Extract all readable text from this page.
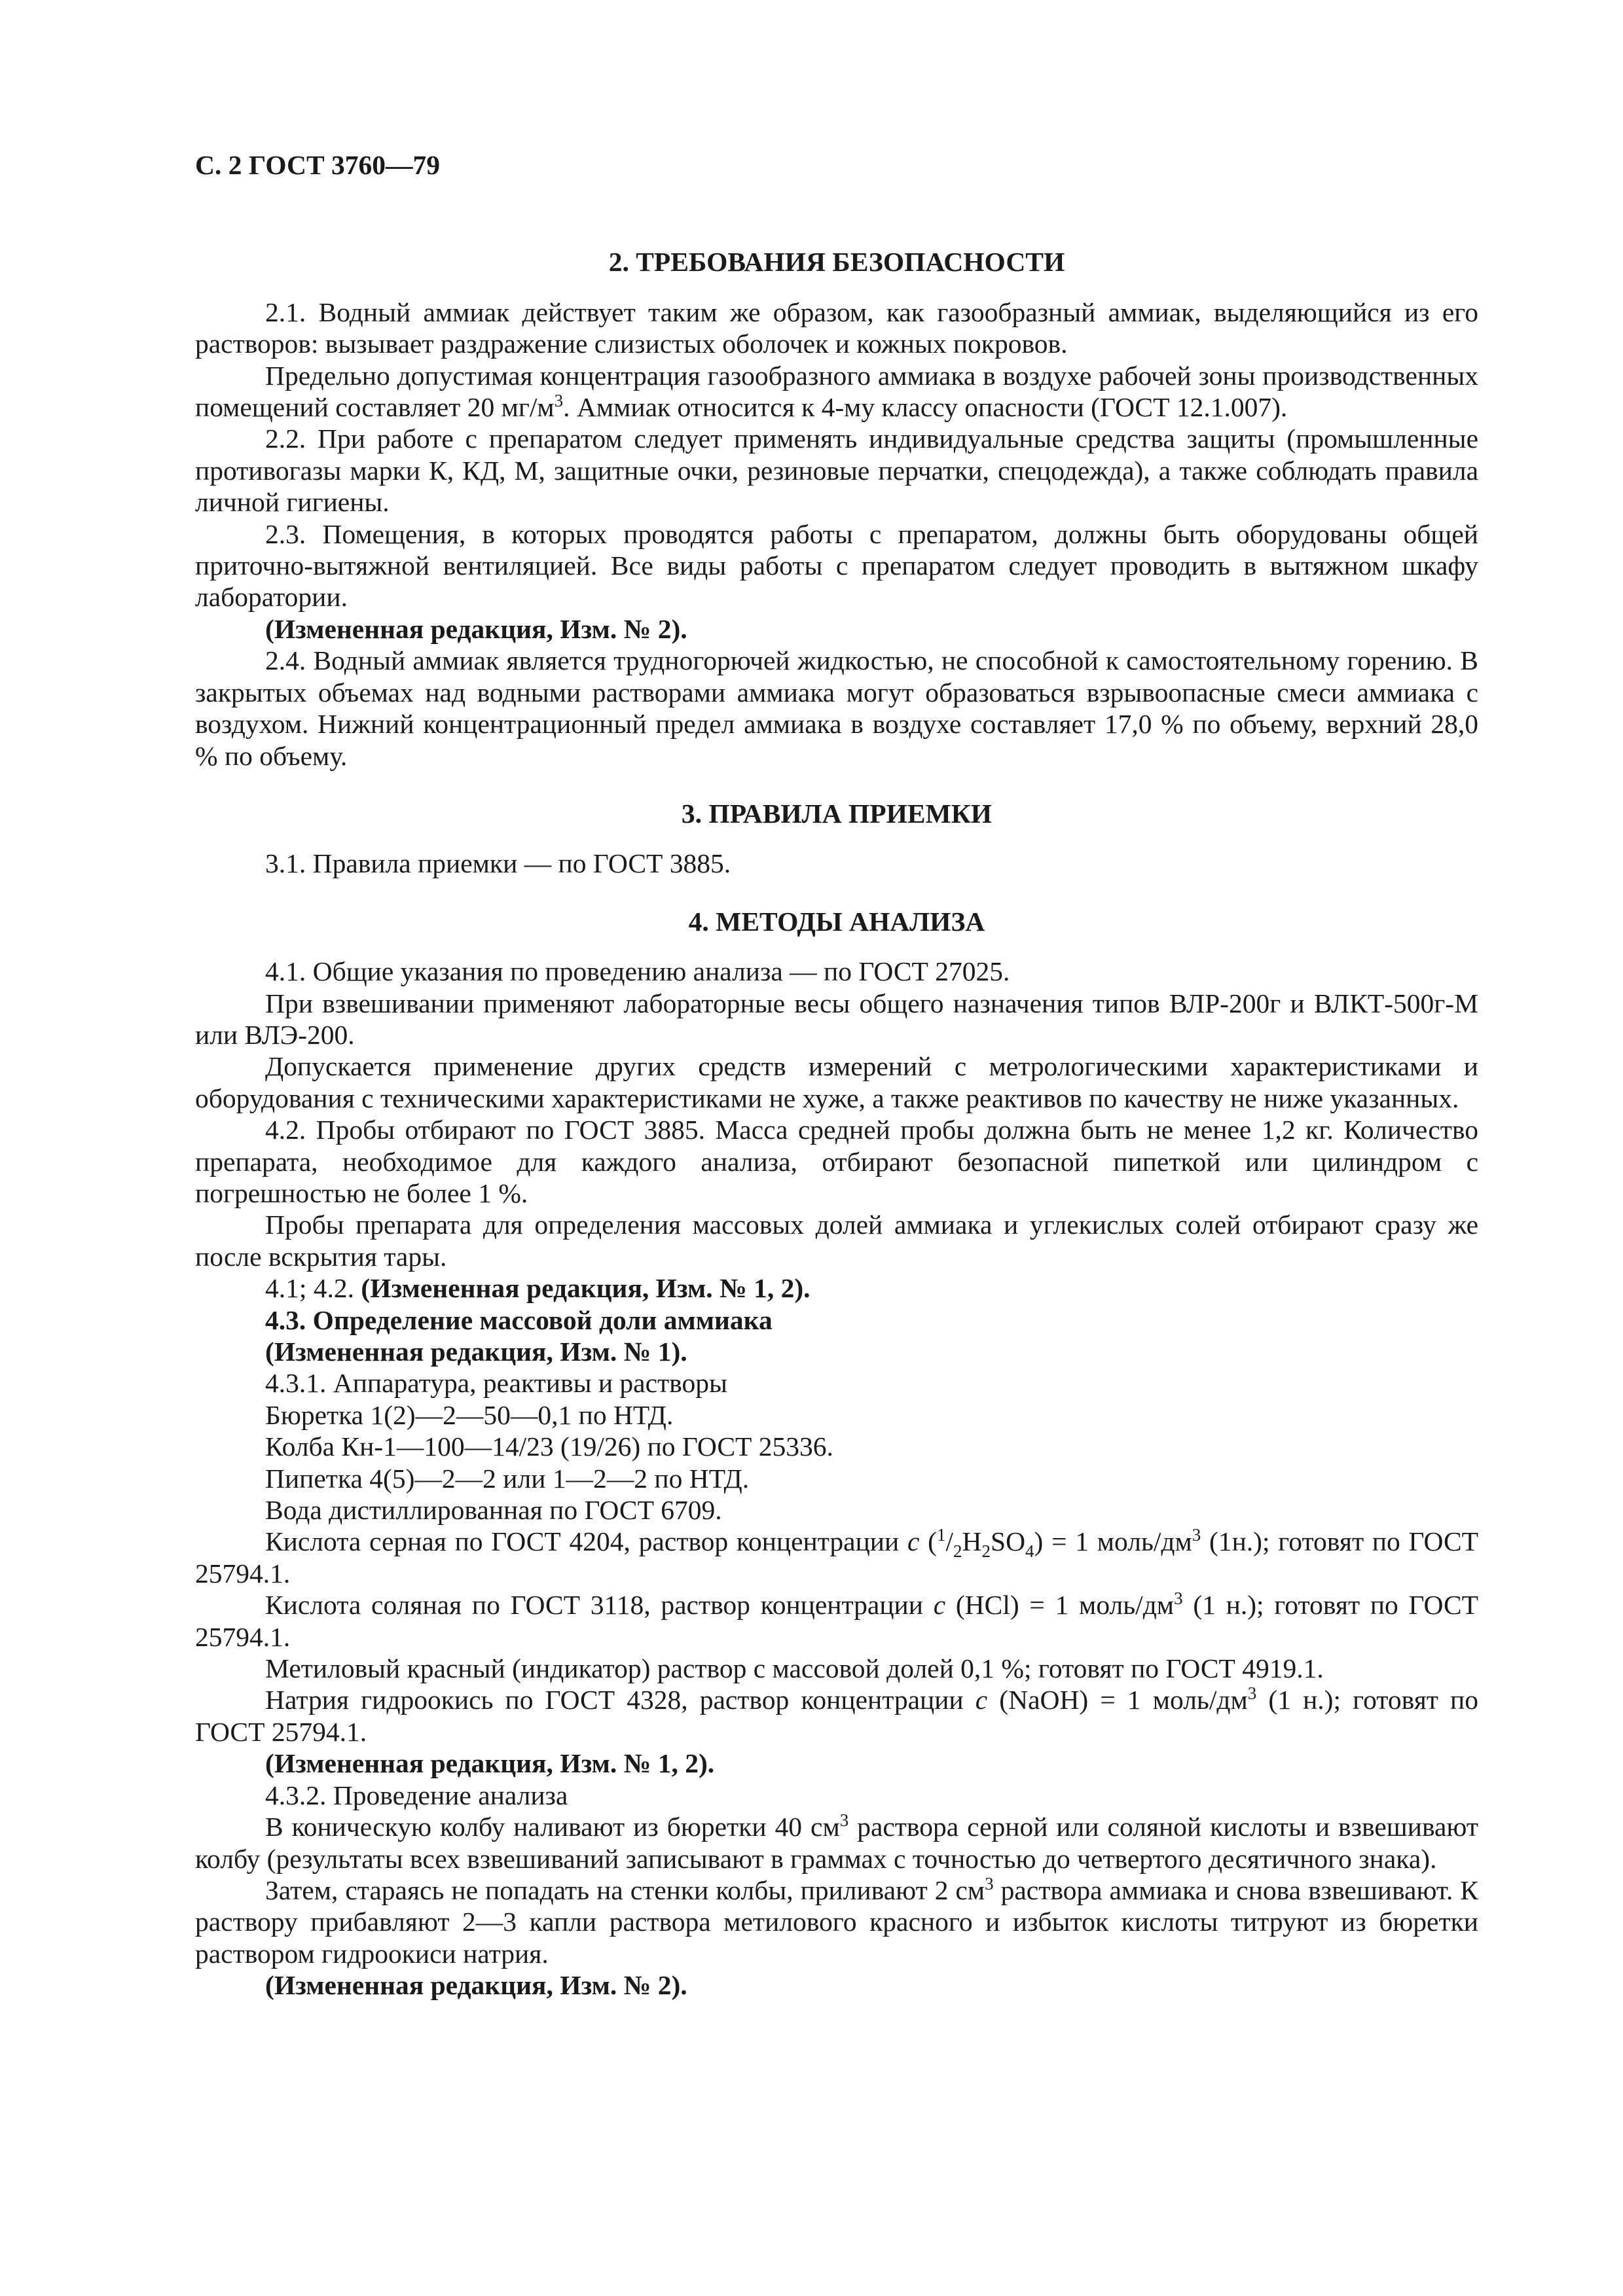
С. 2 ГОСТ 3760—79
2. ТРЕБОВАНИЯ БЕЗОПАСНОСТИ

2.1. Водный аммиак действует таким же образом, как газообразный аммиак, выделяющийся из его растворов: вызывает раздражение слизистых оболочек и кожных покровов.

Предельно допустимая концентрация газообразного аммиака в воздухе рабочей зоны производственных помещений составляет 20 $мг/м^3$. Аммиак относится к 4-му классу опасности (ГОСТ 12.1.007).

2.2. При работе с препаратом следует применять индивидуальные средства защиты (промышленные противогазы марки К, КД, М, защитные очки, резиновые перчатки, спецодежда), а также соблюдать правила личной гигиены.

2.3. Помещения, в которых проводятся работы с препаратом, должны быть оборудованы общей приточно-вытяжной вентиляцией. Все виды работы с препаратом следует проводить в вытяжном шкафу лаборатории.

(Измененная редакция, Изм. № 2).

2.4. Водный аммиак является трудногорючей жидкостью, не способной к самостоятельному горению. В закрытых объемах над водными растворами аммиака могут образоваться взрывоопасные смеси аммиака с воздухом. Нижний концентрационный предел аммиака в воздухе составляет 17,0 % по объему, верхний 28,0 % по объему.

3. ПРАВИЛА ПРИЕМКИ

3.1. Правила приемки — по ГОСТ 3885.

4. МЕТОДЫ АНАЛИЗА

4.1. Общие указания по проведению анализа — по ГОСТ 27025.

При взвешивании применяют лабораторные весы общего назначения типов ВЛР-200г и ВЛКТ-500г-М или ВЛЭ-200.

Допускается применение других средств измерений с метрологическими характеристиками и оборудования с техническими характеристиками не хуже, а также реактивов по качеству не ниже указанных.

4.2. Пробы отбирают по ГОСТ 3885. Масса средней пробы должна быть не менее 1,2 кг. Количество препарата, необходимое для каждого анализа, отбирают безопасной пипеткой или цилиндром с погрешностью не более 1 %.

Пробы препарата для определения массовых долей аммиака и углекислых солей отбирают сразу же после вскрытия тары.

4.1; 4.2. (Измененная редакция, Изм. № 1, 2).

4.3. Определение массовой доли аммиака

(Измененная редакция, Изм. № 1).

4.3.1. Аппаратура, реактивы и растворы

Бюретка 1(2)—2—50—0,1 по НТД.

Колба Кн-1—100—14/23 (19/26) по ГОСТ 25336.

Пипетка 4(5)—2—2 или 1—2—2 по НТД.

Вода дистиллированная по ГОСТ 6709.

Кислота серная по ГОСТ 4204, раствор концентрации с $(^1/_2H_2SO_4) = 1$ моль/$дм^3$ (1н.); готовят по ГОСТ 25794.1.

Кислота соляная по ГОСТ 3118, раствор концентрации с (HCl) = 1 моль/$дм^3$ (1 н.); готовят по ГОСТ 25794.1.

Метиловый красный (индикатор) раствор с массовой долей 0,1 %; готовят по ГОСТ 4919.1.

Натрия гидроокись по ГОСТ 4328, раствор концентрации с (NaOH) = 1 моль/$дм^3$ (1 н.); готовят по ГОСТ 25794.1.

(Измененная редакция, Изм. № 1, 2).

4.3.2. Проведение анализа

В коническую колбу наливают из бюретки 40 $см^3$ раствора серной или соляной кислоты и взвешивают колбу (результаты всех взвешиваний записывают в граммах с точностью до четвертого десятичного знака).

Затем, стараясь не попадать на стенки колбы, приливают 2 $см^3$ раствора аммиака и снова взвешивают. К раствору прибавляют 2—3 капли раствора метилового красного и избыток кислоты титруют из бюретки раствором гидроокиси натрия.

(Измененная редакция, Изм. № 2).
